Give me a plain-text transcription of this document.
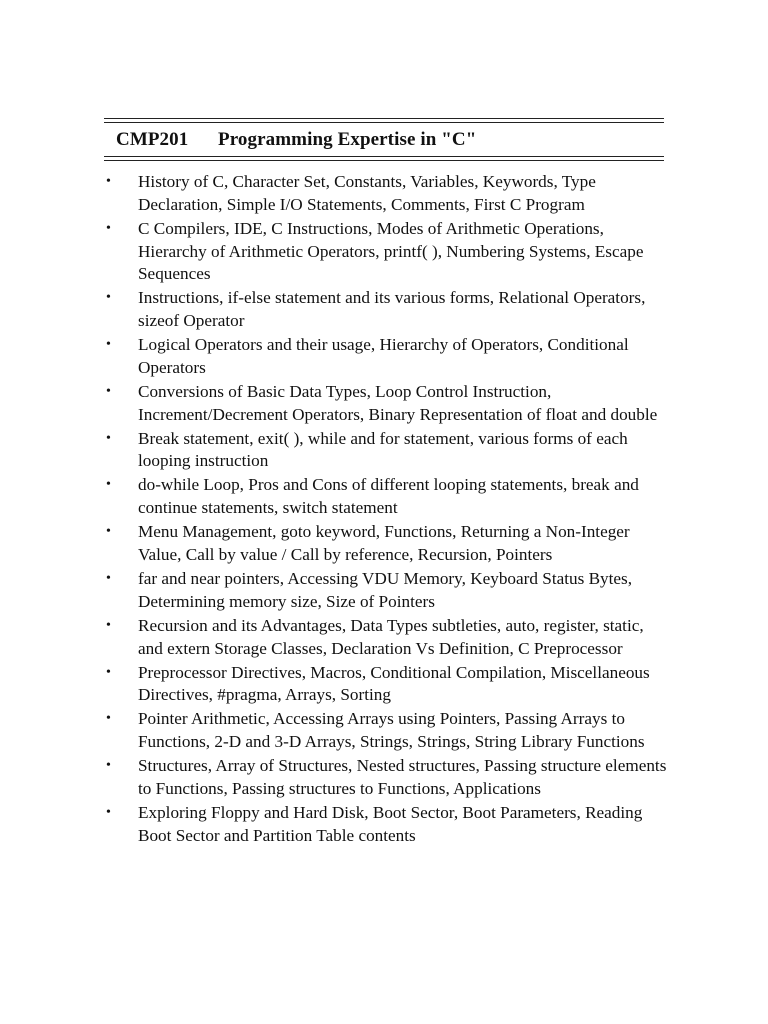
CMP201	Programming Expertise in "C"
• History of C, Character Set, Constants, Variables, Keywords, Type Declaration, Simple I/O Statements, Comments, First C Program
• C Compilers, IDE, C Instructions, Modes of Arithmetic Operations, Hierarchy of Arithmetic Operators, printf( ), Numbering Systems, Escape Sequences
• Instructions, if-else statement and its various forms, Relational Operators, sizeof Operator
• Logical Operators and their usage, Hierarchy of Operators, Conditional Operators
• Conversions of Basic Data Types, Loop Control Instruction, Increment/Decrement Operators, Binary Representation of float and double
• Break statement, exit( ), while and for statement, various forms of each looping instruction
• do-while Loop, Pros and Cons of different looping statements, break and continue statements, switch statement
• Menu Management, goto keyword, Functions, Returning a Non-Integer Value, Call by value / Call by reference, Recursion, Pointers
• far and near pointers, Accessing VDU Memory, Keyboard Status Bytes, Determining memory size, Size of Pointers
• Recursion and its Advantages, Data Types subtleties, auto, register, static, and extern Storage Classes, Declaration Vs Definition, C Preprocessor
• Preprocessor Directives, Macros, Conditional Compilation, Miscellaneous Directives, #pragma, Arrays, Sorting
• Pointer Arithmetic, Accessing Arrays using Pointers, Passing Arrays to Functions, 2-D and 3-D Arrays, Strings, Strings, String Library Functions
• Structures, Array of Structures, Nested structures, Passing structure elements to Functions, Passing structures to Functions, Applications
• Exploring Floppy and Hard Disk, Boot Sector, Boot Parameters, Reading Boot Sector and Partition Table contents
